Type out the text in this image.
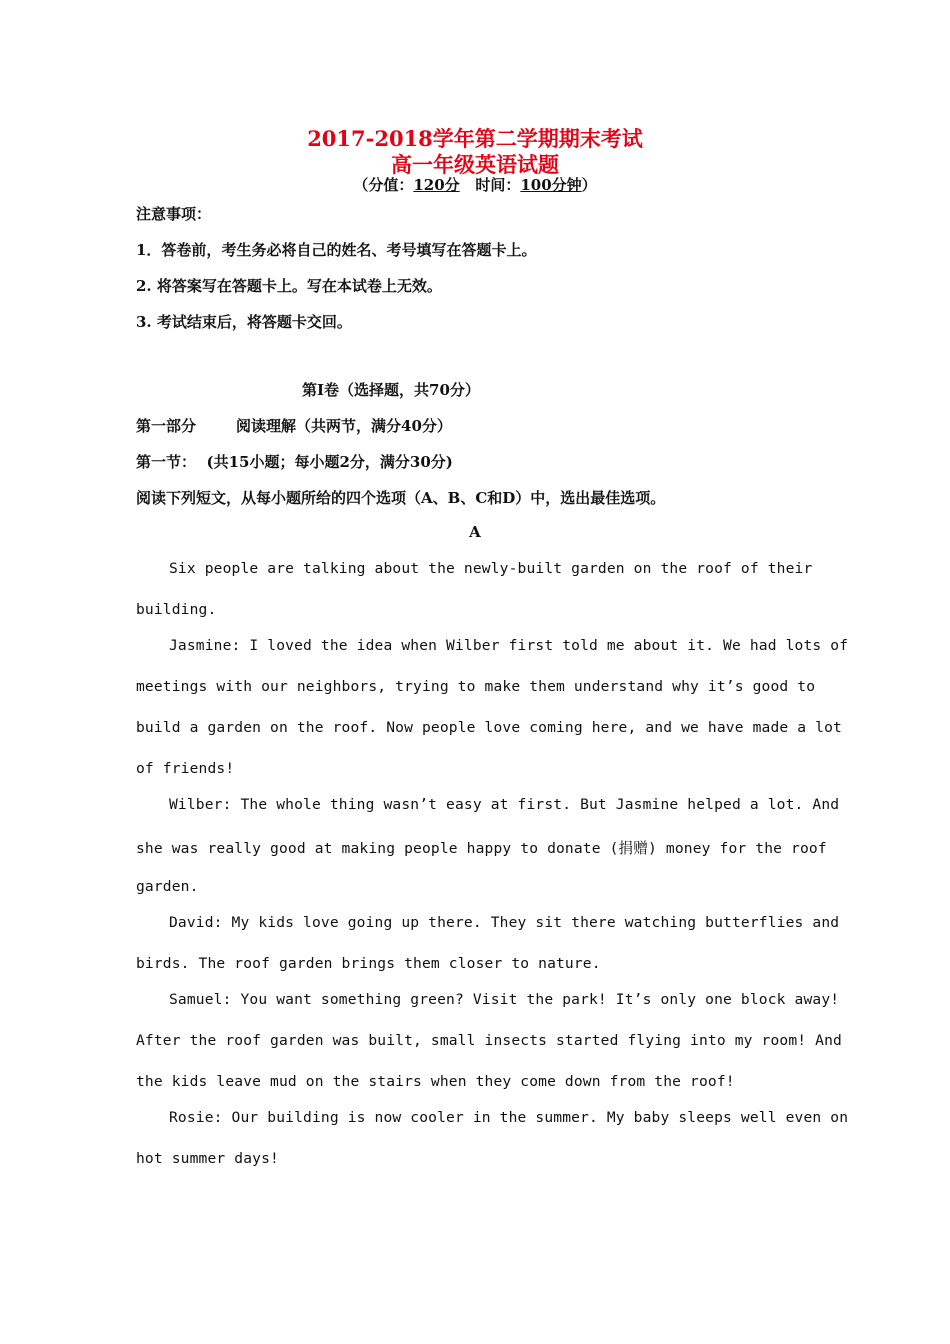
2017-2018学年第二学期期末考试
高一年级英语试题
（分值：120分 时间：100分钟）
注意事项：
1．答卷前，考生务必将自己的姓名、考号填写在答题卡上。
2. 将答案写在答题卡上。写在本试卷上无效。
3. 考试结束后，将答题卡交回。
第I卷（选择题，共70分）
第一部分	阅读理解（共两节，满分40分）
第一节： (共15小题；每小题2分，满分30分)
阅读下列短文，从每小题所给的四个选项（A、B、C和D）中，选出最佳选项。
A
Six people are talking about the newly-built garden on the roof of their
building.
Jasmine: I loved the idea when Wilber first told me about it. We had lots of
meetings with our neighbors, trying to make them understand why it’s good to
build a garden on the roof. Now people love coming here, and we have made a lot
of friends!
Wilber: The whole thing wasn’t easy at first. But Jasmine helped a lot. And
she was really good at making people happy to donate (捐赠) money for the roof
garden.
David: My kids love going up there. They sit there watching butterflies and
birds. The roof garden brings them closer to nature.
Samuel: You want something green? Visit the park! It’s only one block away!
After the roof garden was built, small insects started flying into my room! And
the kids leave mud on the stairs when they come down from the roof!
Rosie: Our building is now cooler in the summer. My baby sleeps well even on
hot summer days!
